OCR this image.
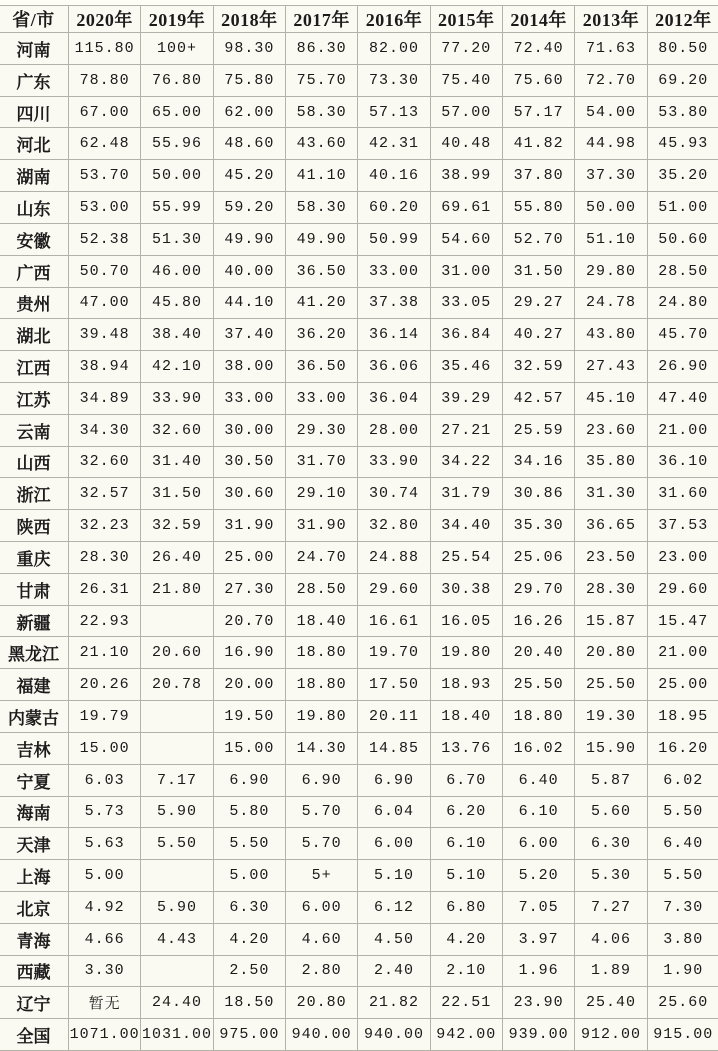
省/市	2020年	2019年	2018年	2017年	2016年	2015年	2014年	2013年	2012年
河南	115.80	100+	98.30	86.30	82.00	77.20	72.40	71.63	80.50
广东	78.80	76.80	75.80	75.70	73.30	75.40	75.60	72.70	69.20
四川	67.00	65.00	62.00	58.30	57.13	57.00	57.17	54.00	53.80
河北	62.48	55.96	48.60	43.60	42.31	40.48	41.82	44.98	45.93
湖南	53.70	50.00	45.20	41.10	40.16	38.99	37.80	37.30	35.20
山东	53.00	55.99	59.20	58.30	60.20	69.61	55.80	50.00	51.00
安徽	52.38	51.30	49.90	49.90	50.99	54.60	52.70	51.10	50.60
广西	50.70	46.00	40.00	36.50	33.00	31.00	31.50	29.80	28.50
贵州	47.00	45.80	44.10	41.20	37.38	33.05	29.27	24.78	24.80
湖北	39.48	38.40	37.40	36.20	36.14	36.84	40.27	43.80	45.70
江西	38.94	42.10	38.00	36.50	36.06	35.46	32.59	27.43	26.90
江苏	34.89	33.90	33.00	33.00	36.04	39.29	42.57	45.10	47.40
云南	34.30	32.60	30.00	29.30	28.00	27.21	25.59	23.60	21.00
山西	32.60	31.40	30.50	31.70	33.90	34.22	34.16	35.80	36.10
浙江	32.57	31.50	30.60	29.10	30.74	31.79	30.86	31.30	31.60
陕西	32.23	32.59	31.90	31.90	32.80	34.40	35.30	36.65	37.53
重庆	28.30	26.40	25.00	24.70	24.88	25.54	25.06	23.50	23.00
甘肃	26.31	21.80	27.30	28.50	29.60	30.38	29.70	28.30	29.60
新疆	22.93		20.70	18.40	16.61	16.05	16.26	15.87	15.47
黑龙江	21.10	20.60	16.90	18.80	19.70	19.80	20.40	20.80	21.00
福建	20.26	20.78	20.00	18.80	17.50	18.93	25.50	25.50	25.00
内蒙古	19.79		19.50	19.80	20.11	18.40	18.80	19.30	18.95
吉林	15.00		15.00	14.30	14.85	13.76	16.02	15.90	16.20
宁夏	6.03	7.17	6.90	6.90	6.90	6.70	6.40	5.87	6.02
海南	5.73	5.90	5.80	5.70	6.04	6.20	6.10	5.60	5.50
天津	5.63	5.50	5.50	5.70	6.00	6.10	6.00	6.30	6.40
上海	5.00		5.00	5+	5.10	5.10	5.20	5.30	5.50
北京	4.92	5.90	6.30	6.00	6.12	6.80	7.05	7.27	7.30
青海	4.66	4.43	4.20	4.60	4.50	4.20	3.97	4.06	3.80
西藏	3.30		2.50	2.80	2.40	2.10	1.96	1.89	1.90
辽宁	暂无	24.40	18.50	20.80	21.82	22.51	23.90	25.40	25.60
全国	1071.00	1031.00	975.00	940.00	940.00	942.00	939.00	912.00	915.00
